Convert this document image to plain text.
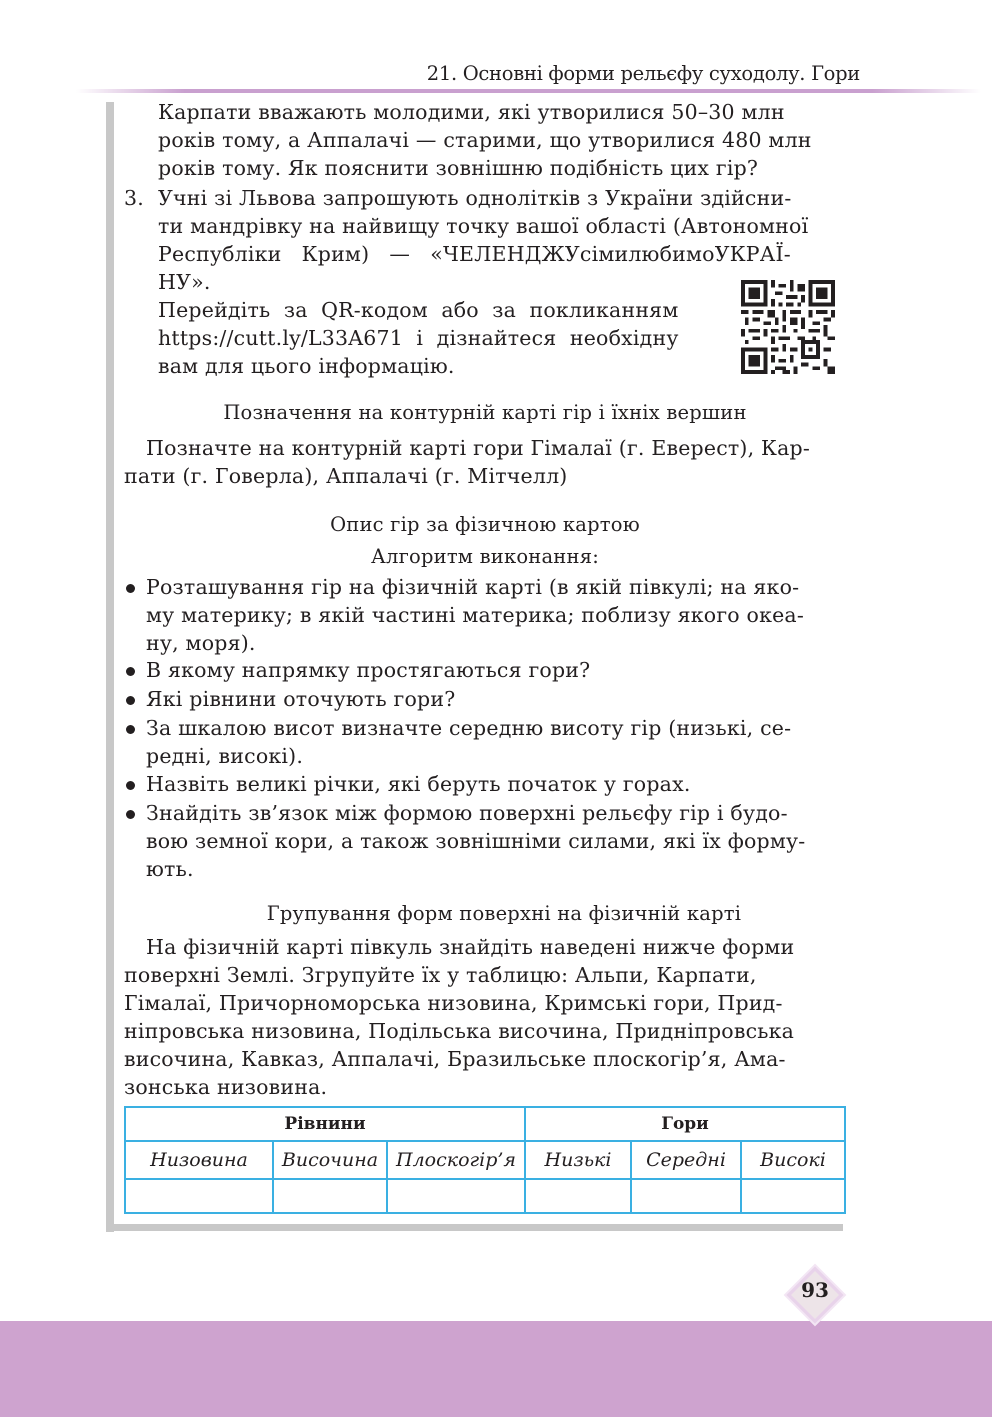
21. Основні форми рельєфу суходолу. Гори
Карпати вважають молодими, які утворилися 50–30 млн
років тому, а Аппалачі — старими, що утворилися 480 млн
років тому. Як пояснити зовнішню подібність цих гір?
3. Учні зі Львова запрошують однолітків з України здійсни-
ти мандрівку на найвищу точку вашої області (Автономної
Республіки   Крим)   —   «ЧЕЛЕНДЖУсімилюбимоУКРАЇ-
НУ».
Перейдіть  за  QR-кодом  або  за  покликанням
https://cutt.ly/L33A671  і  дізнайтеся  необхідну
вам для цього інформацію.
Позначення на контурній карті гір і їхніх вершин
Позначте на контурній карті гори Гімалаї (г. Еверест), Кар-
пати (г. Говерла), Аппалачі (г. Мітчелл)
Опис гір за фізичною картою
Алгоритм виконання:
Розташування гір на фізичній карті (в якій півкулі; на яко-
му материку; в якій частині материка; поблизу якого океа-
ну, моря).
В якому напрямку простягаються гори?
Які рівнини оточують гори?
За шкалою висот визначте середню висоту гір (низькі, се-
редні, високі).
Назвіть великі річки, які беруть початок у горах.
Знайдіть зв’язок між формою поверхні рельєфу гір і будо-
вою земної кори, а також зовнішніми силами, які їх форму-
ють.
Групування форм поверхні на фізичній карті
На фізичній карті півкуль знайдіть наведені нижче форми
поверхні Землі. Згрупуйте їх у таблицю: Альпи, Карпати,
Гімалаї, Причорноморська низовина, Кримські гори, Прид-
ніпровська низовина, Подільська височина, Придніпровська
височина, Кавказ, Аппалачі, Бразильське плоскогір’я, Ама-
зонська низовина.
Рівнини			Гори		
Низовина	Височина	Плоскогір’я	Низькі	Середні	Високі

93
